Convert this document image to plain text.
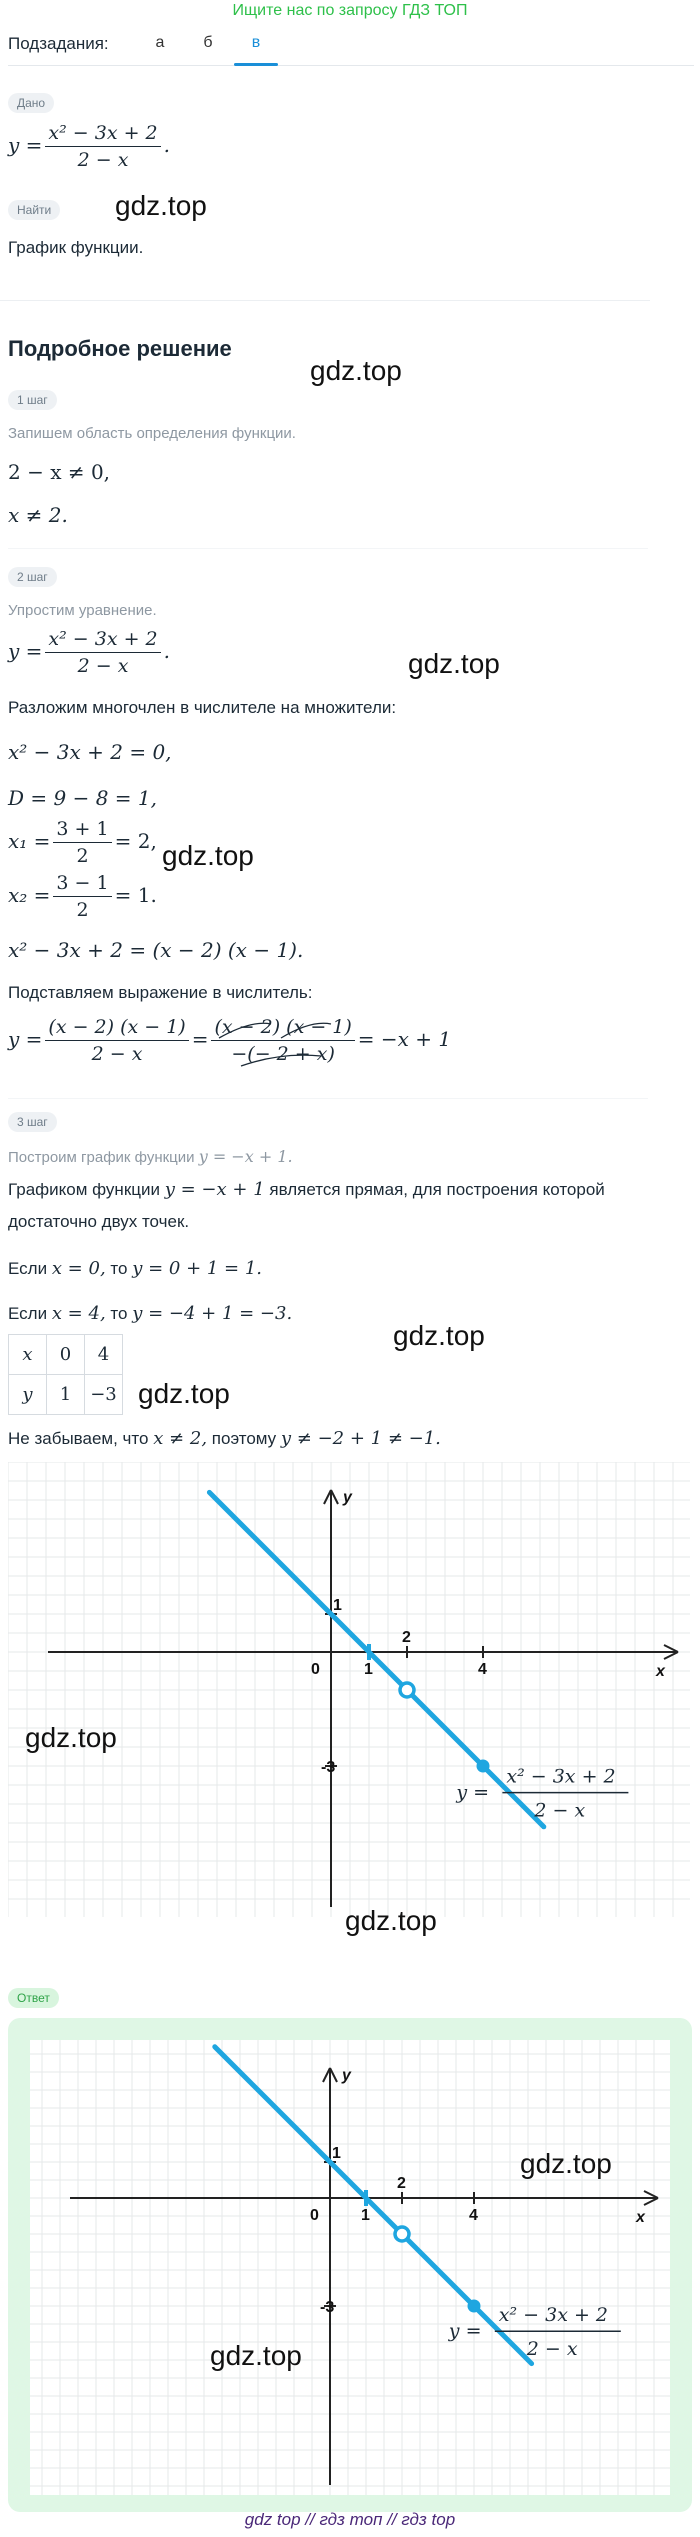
Ищите нас по запросу ГДЗ ТОП
Подзадания:	а	б	в
Дано
$y = \frac{\text{x² − 3x + 2}}{2 - x}$ .
Найти	gdz.top
График функции.
Подробное решение
gdz.top
1 шаг
Запишем область определения функции.
2 − x ≠ 0,
x ≠ 2.
2 шаг
Упростим уравнение.
$y = \frac{\text{x² − 3x + 2}}{2 - x}$ .	gdz.top
Разложим многочлен в числителе на множители:
x² − 3x + 2 = 0,
D = 9 − 8 = 1,
$x_1 = \frac{3 + 1}{2} = 2$, gdz.top
$x_2 = \frac{3 - 1}{2} = 1$.
x² − 3x + 2 = (x − 2) (x − 1).
Подставляем выражение в числитель:
$y = \frac{(x - 2) (x - 1)}{2 - x} = \frac{(x - 2) (x - 1)}{-(- 2 + x)} = -x + 1$
3 шаг
Построим график функции y = −x + 1.
Графиком функции y = −x + 1 является прямая, для построения которой
достаточно двух точек.
Если x = 0, то y = 0 + 1 = 1.
Если x = 4, то y = −4 + 1 = −3.
gdz.top
x	0	4
y	1	−3 gdz.top
Не забываем, что x ≠ 2, поэтому y ≠ −2 + 1 ≠ −1.
y
x
0	1
1
2
4
-3
y =
x² − 3x + 2
2 − x
gdz.top
gdz.top
Ответ
y
x
0	1
1
2
4
-3
y =
x² − 3x + 2
2 − x
gdz.top
gdz.top
gdz top // гдз топ // гдз top
